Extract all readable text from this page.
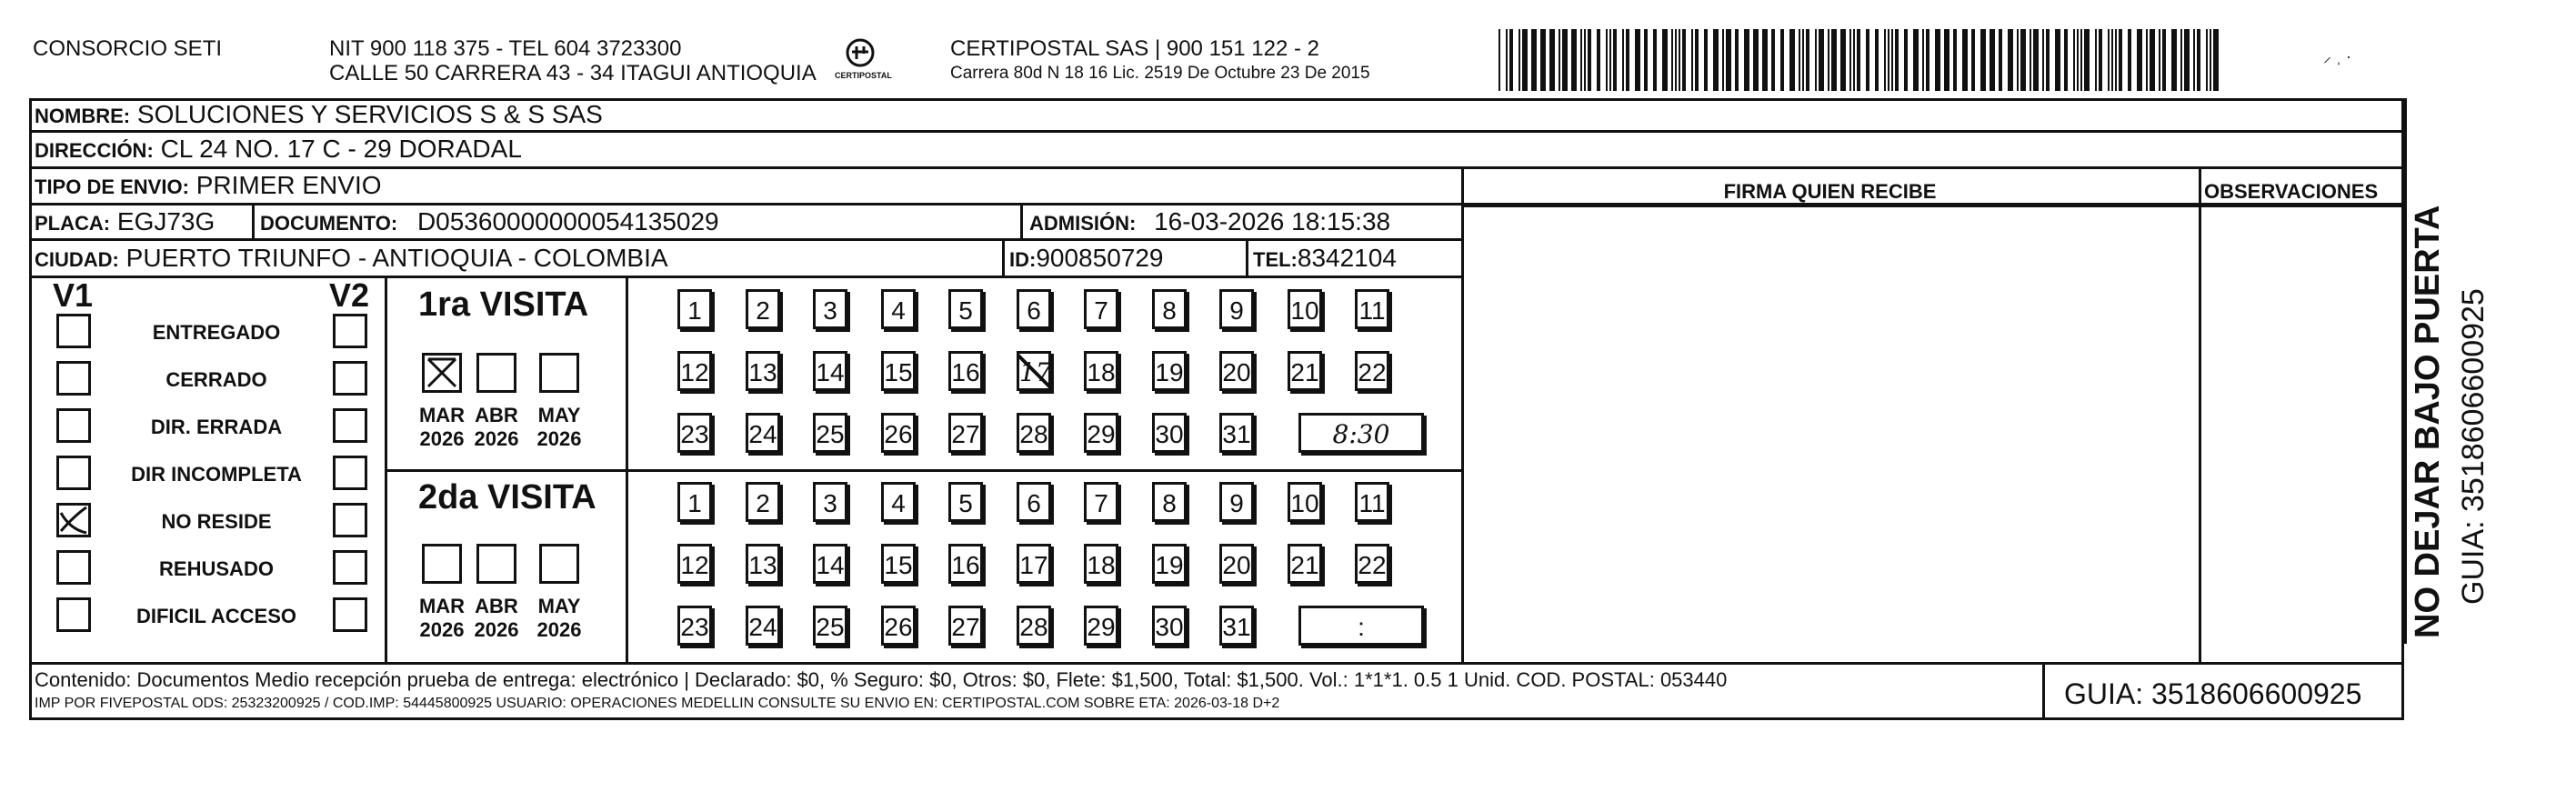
CONSORCIO SETI	NIT 900 118 375 - TEL 604 3723300
CALLE 50 CARRERA 43 - 34 ITAGUI ANTIOQUIA CERTIPOSTAL
CERTIPOSTAL SAS | 900 151 122 - 2
Carrera 80d N 18 16 Lic. 2519 De Octubre 23 De 2015
⸝ ˌ ·
NOMBRE: SOLUCIONES Y SERVICIOS S & S SAS
DIRECCIÓN: CL 24 NO. 17 C - 29 DORADAL
TIPO DE ENVIO: PRIMER ENVIO
PLACA: EGJ73G DOCUMENTO: D05360000000054135029	ADMISIÓN: 16-03-2026 18:15:38
CIUDAD: PUERTO TRIUNFO - ANTIOQUIA - COLOMBIA	ID:900850729	TEL:8342104
FIRMA QUIEN RECIBE	OBSERVACIONES
V1	V2
ENTREGADO
CERRADO
DIR. ERRADA
DIR INCOMPLETA
NO RESIDE
REHUSADO
DIFICIL ACCESO
1ra VISITA
MAR
2026
ABR
2026
MAY
2026
1	2	3	4	5	6	7	8	9	10 11
12 13 14 15 16 17 18 19 20 21 22
23 24 25 26 27 28 29 30 31	8:30
2da VISITA
MAR
2026
ABR
2026
MAY
2026
1	2	3	4	5	6	7	8	9	10 11
12 13 14 15 16 17 18 19 20 21 22
23 24 25 26 27 28 29 30 31	:
Contenido: Documentos Medio recepción prueba de entrega: electrónico | Declarado: $0, % Seguro: $0, Otros: $0, Flete: $1,500, Total: $1,500. Vol.: 1*1*1. 0.5 1 Unid. COD. POSTAL: 053440
IMP POR FIVEPOSTAL ODS: 25323200925 / COD.IMP: 54445800925 USUARIO: OPERACIONES MEDELLIN CONSULTE SU ENVIO EN: CERTIPOSTAL.COM SOBRE ETA: 2026-03-18 D+2	GUIA: 3518606600925
NO DEJAR BAJO PUERTA GUIA: 3518606600925
